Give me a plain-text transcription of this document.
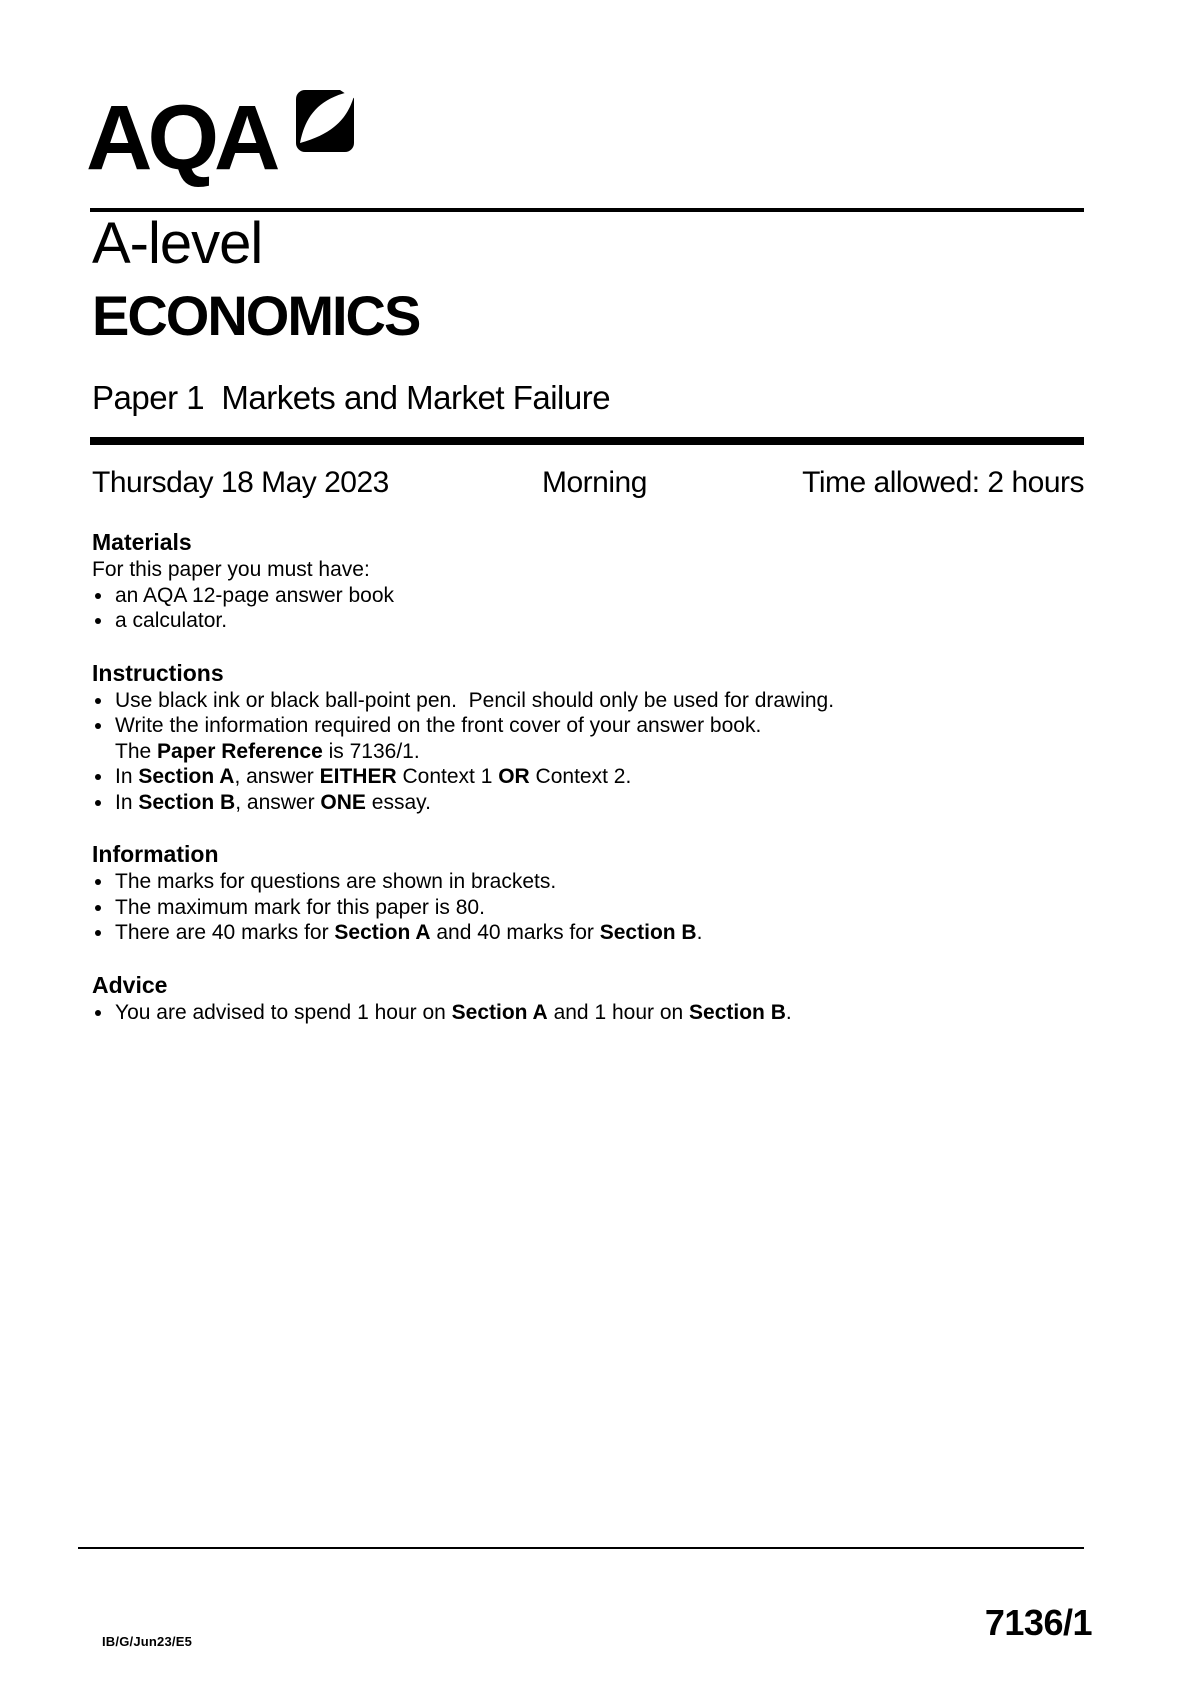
AQA
A-level
ECONOMICS
Paper 1  Markets and Market Failure
Thursday 18 May 2023	Morning	Time allowed: 2 hours
Materials

For this paper you must have:

an AQA 12-page answer book
a calculator.
Instructions
Use black ink or black ball-point pen.  Pencil should only be used for drawing.
Write the information required on the front cover of your answer book.
The Paper Reference is 7136/1.
In Section A, answer EITHER Context 1 OR Context 2.
In Section B, answer ONE essay.
Information
The marks for questions are shown in brackets.
The maximum mark for this paper is 80.
There are 40 marks for Section A and 40 marks for Section B.
Advice
You are advised to spend 1 hour on Section A and 1 hour on Section B.
IB/G/Jun23/E5	7136/1
